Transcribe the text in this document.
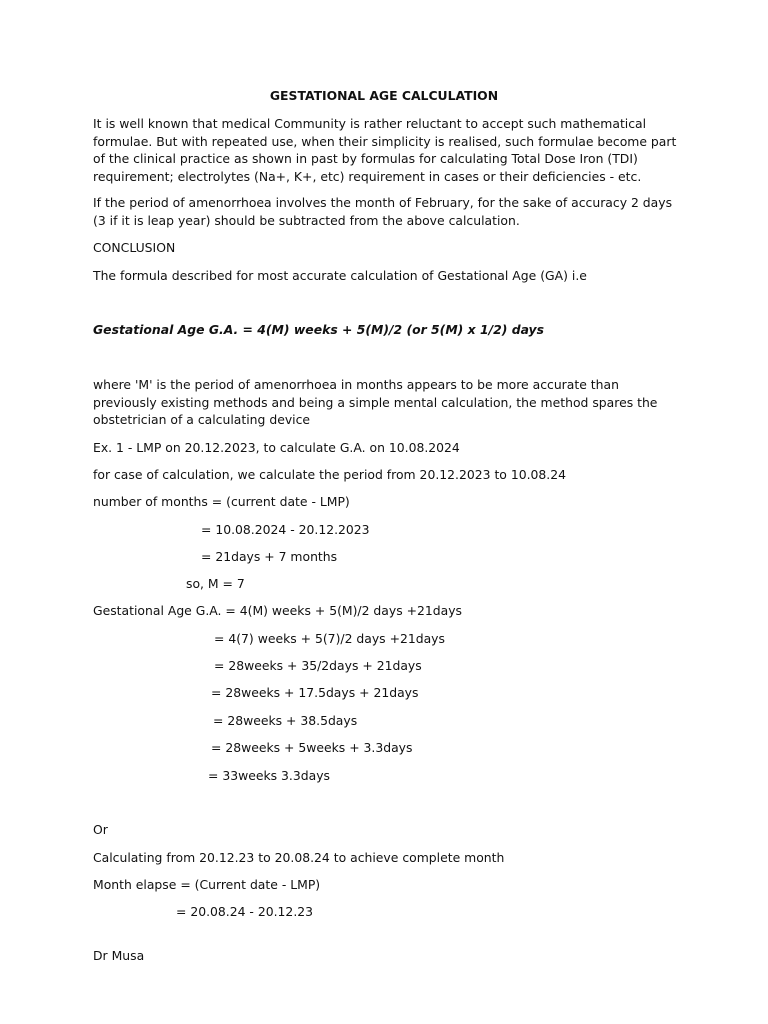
GESTATIONAL AGE CALCULATION

It is well known that medical Community is rather reluctant to accept such mathematical formulae. But with repeated use, when their simplicity is realised, such formulae become part of the clinical practice as shown in past by formulas for calculating Total Dose Iron (TDI) requirement; electrolytes (Na+, K+, etc) requirement in cases or their deficiencies - etc.

If the period of amenorrhoea involves the month of February, for the sake of accuracy 2 days (3 if it is leap year) should be subtracted from the above calculation.

CONCLUSION

The formula described for most accurate calculation of Gestational Age (GA) i.e

Gestational Age G.A. = 4(M) weeks + 5(M)/2 (or 5(M) x 1/2) days

where 'M' is the period of amenorrhoea in months appears to be more accurate than previously existing methods and being a simple mental calculation, the method spares the obstetrician of a calculating device

Ex. 1 - LMP on 20.12.2023, to calculate G.A. on 10.08.2024

for case of calculation, we calculate the period from 20.12.2023 to 10.08.24

number of months = (current date - LMP)

= 10.08.2024 - 20.12.2023

= 21days + 7 months

so, M = 7

Gestational Age G.A. = 4(M) weeks + 5(M)/2 days +21days

= 4(7) weeks + 5(7)/2 days +21days

= 28weeks + 35/2days + 21days

= 28weeks + 17.5days + 21days

= 28weeks + 38.5days

= 28weeks + 5weeks + 3.3days

= 33weeks 3.3days

Or

Calculating from 20.12.23 to 20.08.24 to achieve complete month

Month elapse = (Current date - LMP)

= 20.08.24 - 20.12.23

Dr Musa
